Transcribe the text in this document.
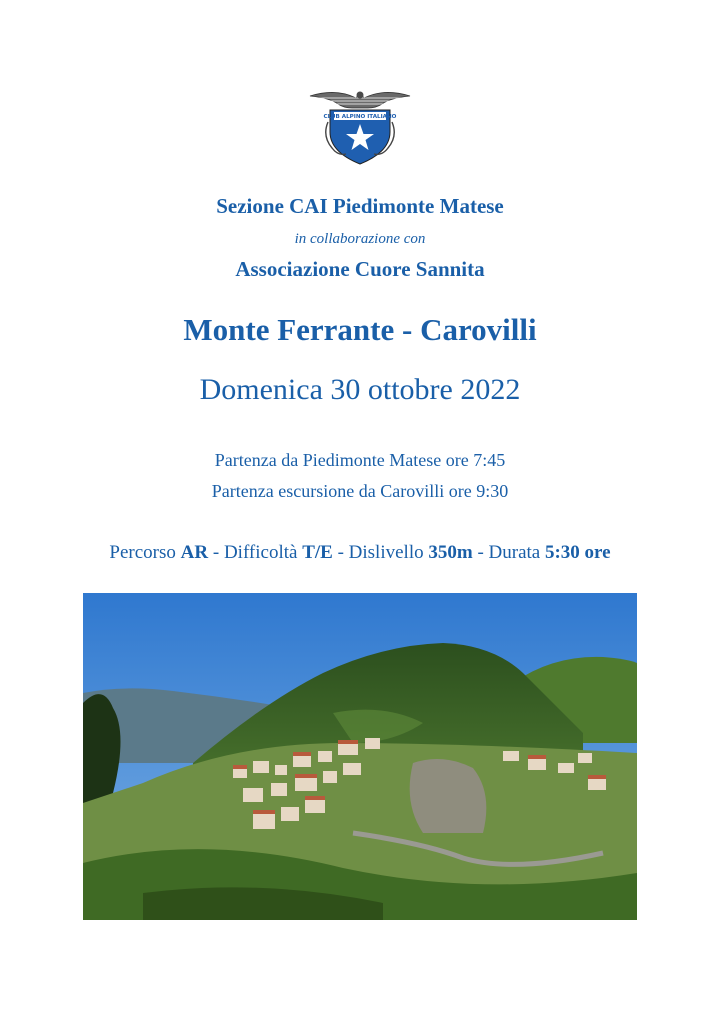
CLUB ALPINO ITALIANO
Sezione CAI Piedimonte Matese
in collaborazione con
Associazione Cuore Sannita
Monte Ferrante - Carovilli
Domenica 30 ottobre 2022
Partenza da Piedimonte Matese ore 7:45
Partenza escursione da Carovilli ore 9:30
Percorso AR - Difficoltà T/E - Dislivello 350m - Durata 5:30 ore
